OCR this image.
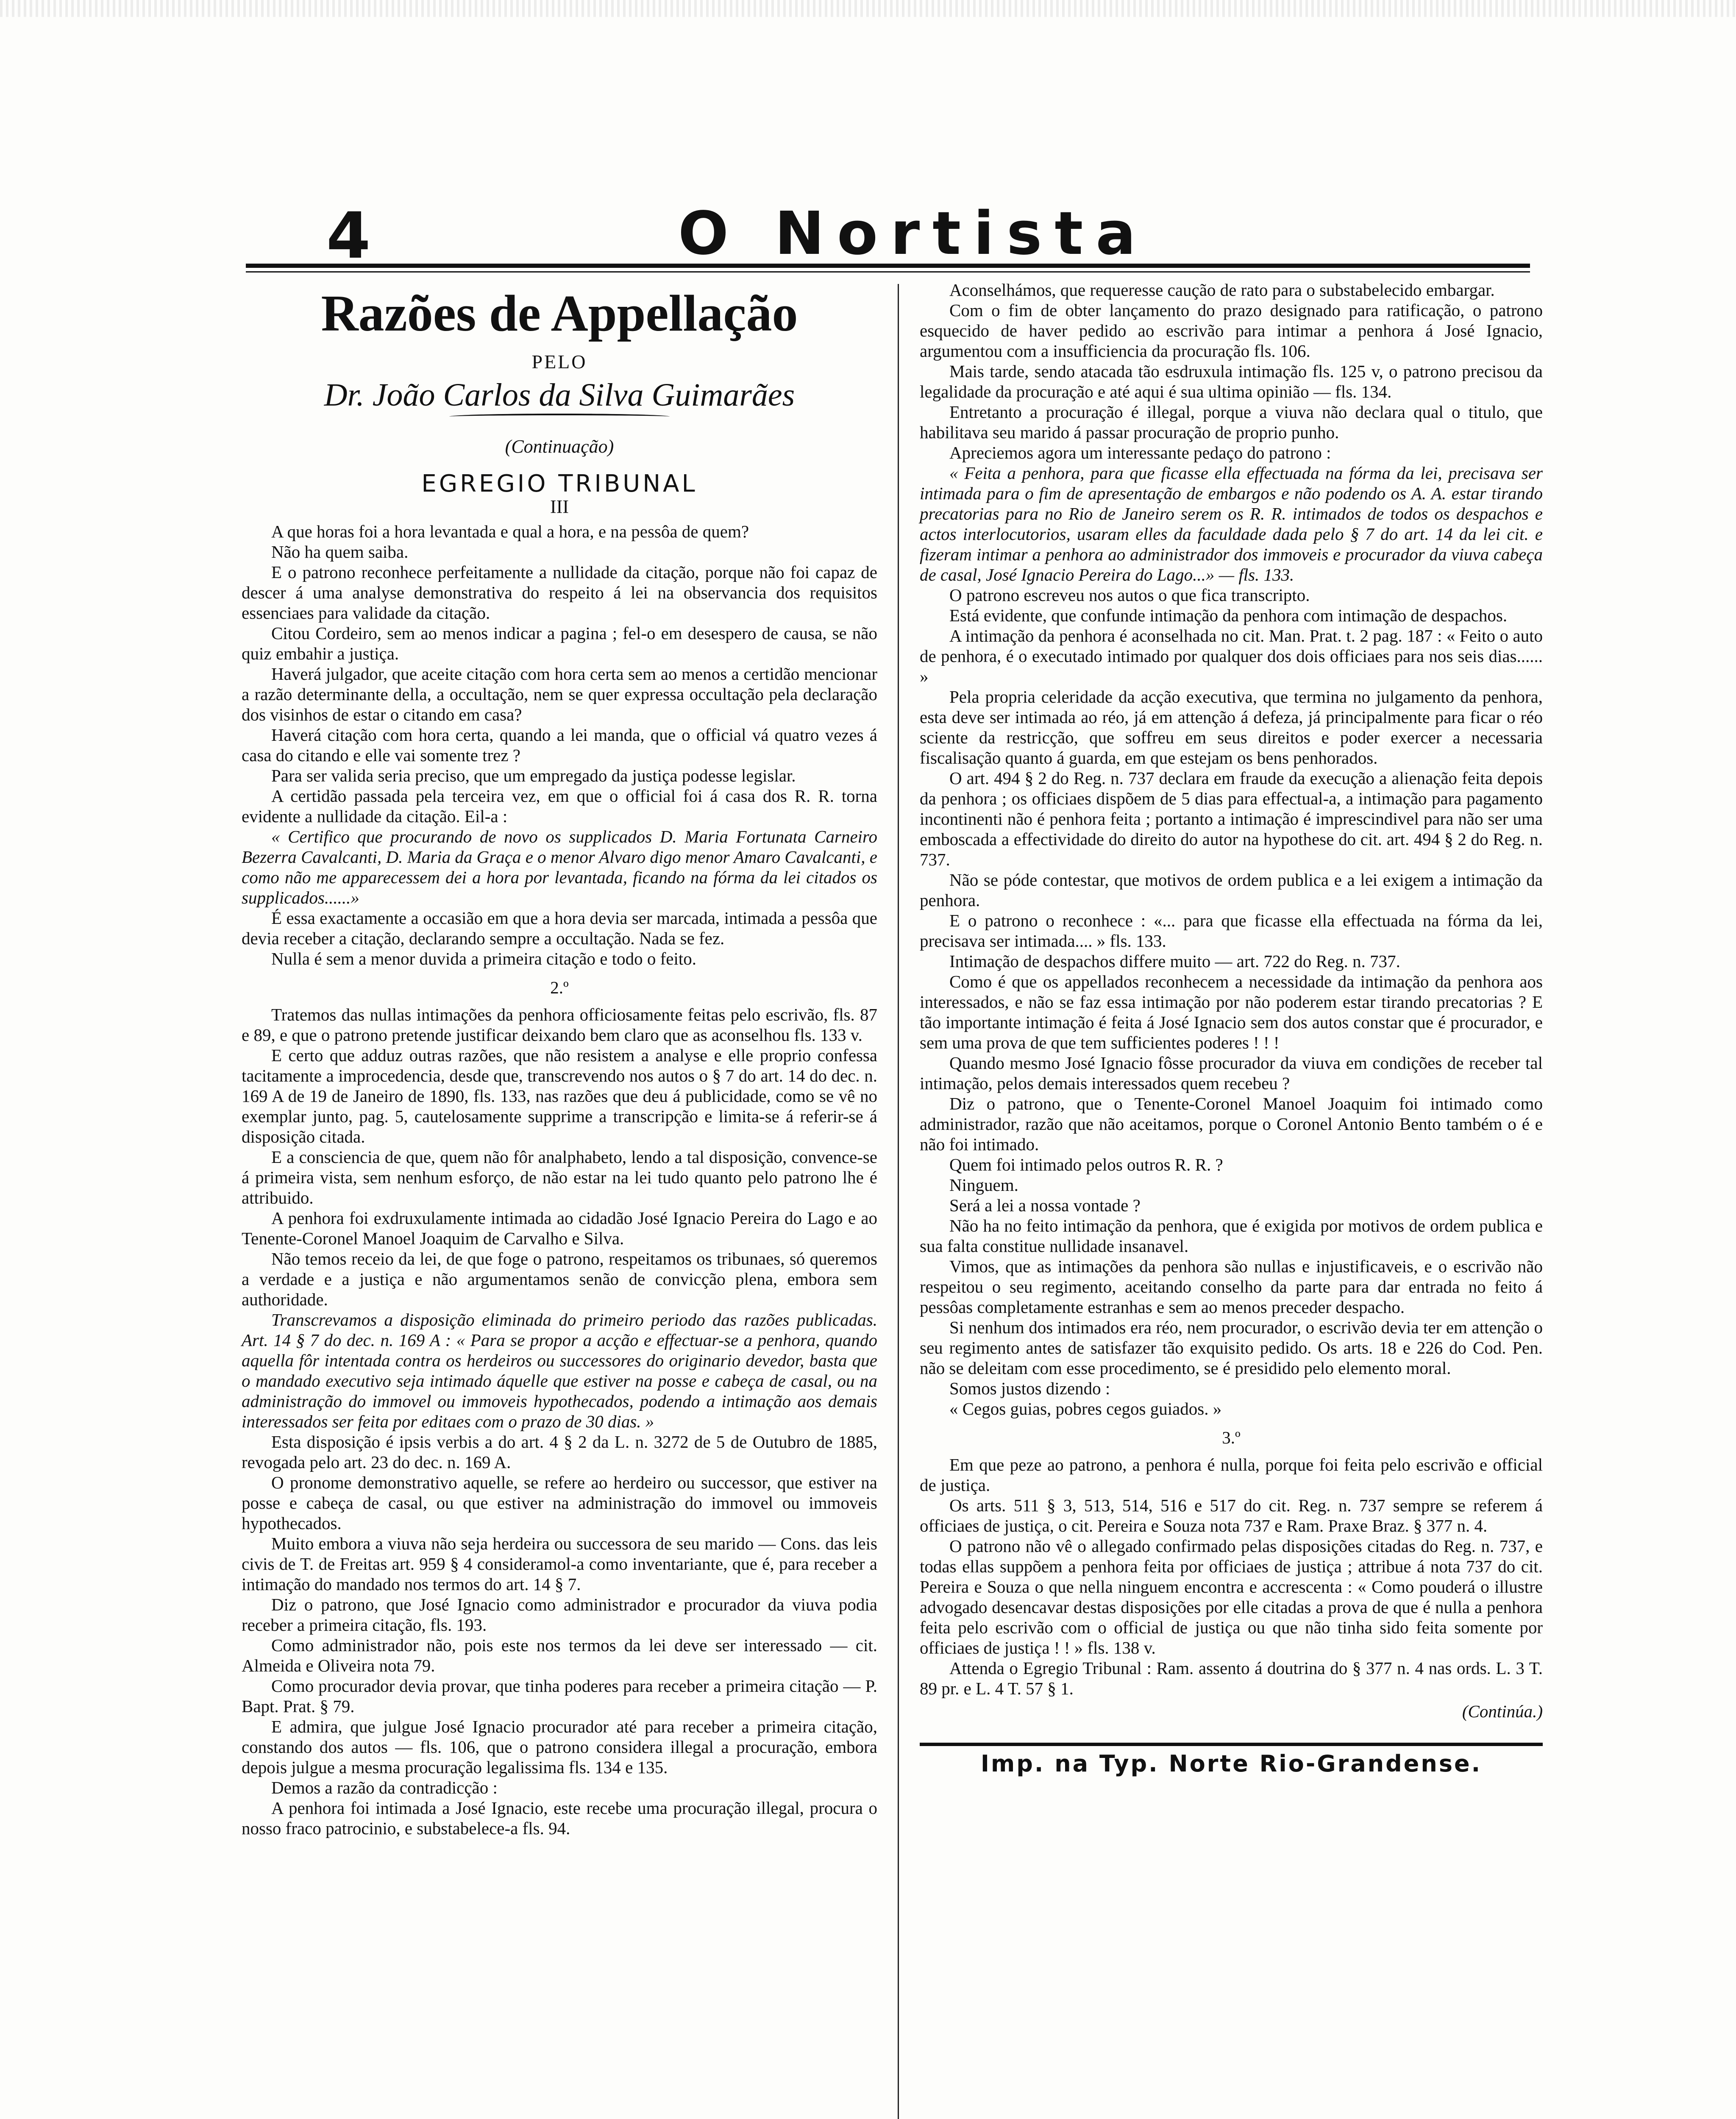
4	O Nortista
Razões de Appellação
PELO
Dr. João Carlos da Silva Guimarães
(Continuação)
EGREGIO TRIBUNAL
III

A que horas foi a hora levantada e qual a hora, e na pessôa de quem?

Não ha quem saiba.

E o patrono reconhece perfeitamente a nullidade da citação, porque não foi capaz de descer á uma analyse demonstrativa do respeito á lei na observancia dos requisitos essenciaes para validade da citação.

Citou Cordeiro, sem ao menos indicar a pagina ; fel-o em desespero de causa, se não quiz embahir a justiça.

Haverá julgador, que aceite citação com hora certa sem ao menos a certidão mencionar a razão determinante della, a occultação, nem se quer expressa occultação pela declaração dos visinhos de estar o citando em casa?

Haverá citação com hora certa, quando a lei manda, que o official vá quatro vezes á casa do citando e elle vai somente trez ?

Para ser valida seria preciso, que um empregado da justiça podesse legislar.

A certidão passada pela terceira vez, em que o official foi á casa dos R. R. torna evidente a nullidade da citação. Eil-a :

« Certifico que procurando de novo os supplicados D. Maria Fortunata Carneiro Bezerra Cavalcanti, D. Maria da Graça e o menor Alvaro digo menor Amaro Cavalcanti, e como não me apparecessem dei a hora por levantada, ficando na fórma da lei citados os supplicados......»

É essa exactamente a occasião em que a hora devia ser marcada, intimada a pessôa que devia receber a citação, declarando sempre a occultação. Nada se fez.

Nulla é sem a menor duvida a primeira citação e todo o feito.

2.º

Tratemos das nullas intimações da penhora officiosamente feitas pelo escrivão, fls. 87 e 89, e que o patrono pretende justificar deixando bem claro que as aconselhou fls. 133 v.

E certo que adduz outras razões, que não resistem a analyse e elle proprio confessa tacitamente a improcedencia, desde que, transcrevendo nos autos o § 7 do art. 14 do dec. n. 169 A de 19 de Janeiro de 1890, fls. 133, nas razões que deu á publicidade, como se vê no exemplar junto, pag. 5, cautelosamente supprime a transcripção e limita-se á referir-se á disposição citada.

E a consciencia de que, quem não fôr analphabeto, lendo a tal disposição, convence-se á primeira vista, sem nenhum esforço, de não estar na lei tudo quanto pelo patrono lhe é attribuido.

A penhora foi exdruxulamente intimada ao cidadão José Ignacio Pereira do Lago e ao Tenente-Coronel Manoel Joaquim de Carvalho e Silva.

Não temos receio da lei, de que foge o patrono, respeitamos os tribunaes, só queremos a verdade e a justiça e não argumentamos senão de convicção plena, embora sem authoridade.

Transcrevamos a disposição eliminada do primeiro periodo das razões publicadas. Art. 14 § 7 do dec. n. 169 A : « Para se propor a acção e effectuar-se a penhora, quando aquella fôr intentada contra os herdeiros ou successores do originario devedor, basta que o mandado executivo seja intimado áquelle que estiver na posse e cabeça de casal, ou na administração do immovel ou immoveis hypothecados, podendo a intimação aos demais interessados ser feita por editaes com o prazo de 30 dias. »

Esta disposição é ipsis verbis a do art. 4 § 2 da L. n. 3272 de 5 de Outubro de 1885, revogada pelo art. 23 do dec. n. 169 A.

O pronome demonstrativo aquelle, se refere ao herdeiro ou successor, que estiver na posse e cabeça de casal, ou que estiver na administração do immovel ou immoveis hypothecados.

Muito embora a viuva não seja herdeira ou successora de seu marido — Cons. das leis civis de T. de Freitas art. 959 § 4 consideramol-a como inventariante, que é, para receber a intimação do mandado nos termos do art. 14 § 7.

Diz o patrono, que José Ignacio como administrador e procurador da viuva podia receber a primeira citação, fls. 193.

Como administrador não, pois este nos termos da lei deve ser interessado — cit. Almeida e Oliveira nota 79.

Como procurador devia provar, que tinha poderes para receber a primeira citação — P. Bapt. Prat. § 79.

E admira, que julgue José Ignacio procurador até para receber a primeira citação, constando dos autos — fls. 106, que o patrono considera illegal a procuração, embora depois julgue a mesma procuração legalissima fls. 134 e 135.

Demos a razão da contradicção :

A penhora foi intimada a José Ignacio, este recebe uma procuração illegal, procura o nosso fraco patrocinio, e substabelece-a fls. 94.

Aconselhámos, que requeresse caução de rato para o substabelecido embargar.

Com o fim de obter lançamento do prazo designado para ratificação, o patrono esquecido de haver pedido ao escrivão para intimar a penhora á José Ignacio, argumentou com a insufficiencia da procuração fls. 106.

Mais tarde, sendo atacada tão esdruxula intimação fls. 125 v, o patrono precisou da legalidade da procuração e até aqui é sua ultima opinião — fls. 134.

Entretanto a procuração é illegal, porque a viuva não declara qual o titulo, que habilitava seu marido á passar procuração de proprio punho.

Apreciemos agora um interessante pedaço do patrono :

« Feita a penhora, para que ficasse ella effectuada na fórma da lei, precisava ser intimada para o fim de apresentação de embargos e não podendo os A. A. estar tirando precatorias para no Rio de Janeiro serem os R. R. intimados de todos os despachos e actos interlocutorios, usaram elles da faculdade dada pelo § 7 do art. 14 da lei cit. e fizeram intimar a penhora ao administrador dos immoveis e procurador da viuva cabeça de casal, José Ignacio Pereira do Lago...» — fls. 133.

O patrono escreveu nos autos o que fica transcripto.

Está evidente, que confunde intimação da penhora com intimação de despachos.

A intimação da penhora é aconselhada no cit. Man. Prat. t. 2 pag. 187 : « Feito o auto de penhora, é o executado intimado por qualquer dos dois officiaes para nos seis dias...... »

Pela propria celeridade da acção executiva, que termina no julgamento da penhora, esta deve ser intimada ao réo, já em attenção á defeza, já principalmente para ficar o réo sciente da restricção, que soffreu em seus direitos e poder exercer a necessaria fiscalisação quanto á guarda, em que estejam os bens penhorados.

O art. 494 § 2 do Reg. n. 737 declara em fraude da execução a alienação feita depois da penhora ; os officiaes dispõem de 5 dias para effectual-a, a intimação para pagamento incontinenti não é penhora feita ; portanto a intimação é imprescindivel para não ser uma emboscada a effectividade do direito do autor na hypothese do cit. art. 494 § 2 do Reg. n. 737.

Não se póde contestar, que motivos de ordem publica e a lei exigem a intimação da penhora.

E o patrono o reconhece : «... para que ficasse ella effectuada na fórma da lei, precisava ser intimada.... » fls. 133.

Intimação de despachos differe muito — art. 722 do Reg. n. 737.

Como é que os appellados reconhecem a necessidade da intimação da penhora aos interessados, e não se faz essa intimação por não poderem estar tirando precatorias ? E tão importante intimação é feita á José Ignacio sem dos autos constar que é procurador, e sem uma prova de que tem sufficientes poderes ! ! !

Quando mesmo José Ignacio fôsse procurador da viuva em condições de receber tal intimação, pelos demais interessados quem recebeu ?

Diz o patrono, que o Tenente-Coronel Manoel Joaquim foi intimado como administrador, razão que não aceitamos, porque o Coronel Antonio Bento também o é e não foi intimado.

Quem foi intimado pelos outros R. R. ?

Ninguem.

Será a lei a nossa vontade ?

Não ha no feito intimação da penhora, que é exigida por motivos de ordem publica e sua falta constitue nullidade insanavel.

Vimos, que as intimações da penhora são nullas e injustificaveis, e o escrivão não respeitou o seu regimento, aceitando conselho da parte para dar entrada no feito á pessôas completamente estranhas e sem ao menos preceder despacho.

Si nenhum dos intimados era réo, nem procurador, o escrivão devia ter em attenção o seu regimento antes de satisfazer tão exquisito pedido. Os arts. 18 e 226 do Cod. Pen. não se deleitam com esse procedimento, se é presidido pelo elemento moral.

Somos justos dizendo :

« Cegos guias, pobres cegos guiados. »

3.º

Em que peze ao patrono, a penhora é nulla, porque foi feita pelo escrivão e official de justiça.

Os arts. 511 § 3, 513, 514, 516 e 517 do cit. Reg. n. 737 sempre se referem á officiaes de justiça, o cit. Pereira e Souza nota 737 e Ram. Praxe Braz. § 377 n. 4.

O patrono não vê o allegado confirmado pelas disposições citadas do Reg. n. 737, e todas ellas suppõem a penhora feita por officiaes de justiça ; attribue á nota 737 do cit. Pereira e Souza o que nella ninguem encontra e accrescenta : « Como pouderá o illustre advogado desencavar destas disposições por elle citadas a prova de que é nulla a penhora feita pelo escrivão com o official de justiça ou que não tinha sido feita somente por officiaes de justiça ! ! » fls. 138 v.

Attenda o Egregio Tribunal : Ram. assento á doutrina do § 377 n. 4 nas ords. L. 3 T. 89 pr. e L. 4 T. 57 § 1.

(Continúa.)
Imp. na Typ. Norte Rio-Grandense.
